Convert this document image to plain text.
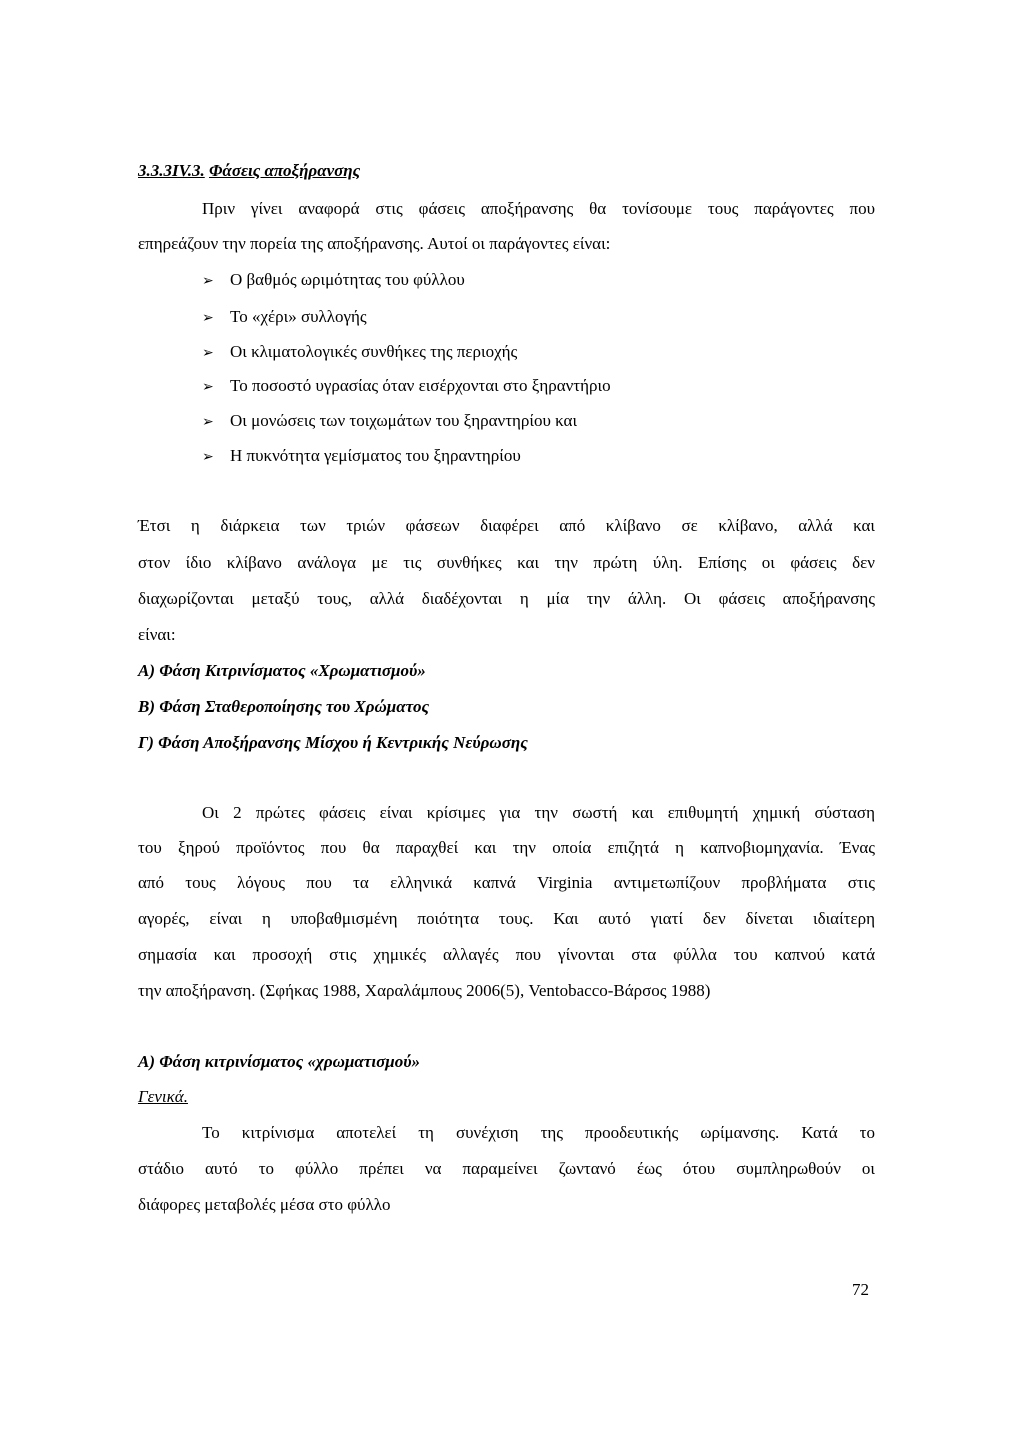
3.3.3IV.3. Φάσεις αποξήρανσης
Πριν γίνει αναφορά στις φάσεις αποξήρανσης θα τονίσουμε τους παράγοντες που
επηρεάζουν την πορεία της αποξήρανσης. Αυτοί οι παράγοντες είναι:
➢ Ο βαθμός ωριμότητας του φύλλου
➢ Το «χέρι» συλλογής
➢ Οι κλιματολογικές συνθήκες της περιοχής
➢ Το ποσοστό υγρασίας όταν εισέρχονται στο ξηραντήριο
➢ Οι μονώσεις των τοιχωμάτων του ξηραντηρίου και
➢ Η πυκνότητα γεμίσματος του ξηραντηρίου
Έτσι η διάρκεια των τριών φάσεων διαφέρει από κλίβανο σε κλίβανο, αλλά και
στον ίδιο κλίβανο ανάλογα με τις συνθήκες και την πρώτη ύλη. Επίσης οι φάσεις δεν
διαχωρίζονται μεταξύ τους, αλλά διαδέχονται η μία την άλλη. Οι φάσεις αποξήρανσης
είναι:
Α) Φάση Κιτρινίσματος «Χρωματισμού»
Β) Φάση Σταθεροποίησης του Χρώματος
Γ) Φάση Αποξήρανσης Μίσχου ή Κεντρικής Νεύρωσης
Οι 2 πρώτες φάσεις είναι κρίσιμες για την σωστή και επιθυμητή χημική σύσταση
του ξηρού προϊόντος που θα παραχθεί και την οποία επιζητά η καπνοβιομηχανία. Ένας
από τους λόγους που τα ελληνικά καπνά Virginia αντιμετωπίζουν προβλήματα στις
αγορές, είναι η υποβαθμισμένη ποιότητα τους. Και αυτό γιατί δεν δίνεται ιδιαίτερη
σημασία και προσοχή στις χημικές αλλαγές που γίνονται στα φύλλα του καπνού κατά
την αποξήρανση. (Σφήκας 1988, Χαραλάμπους 2006(5), Ventobacco-Βάρσος 1988)
Α) Φάση κιτρινίσματος «χρωματισμού»
Γενικά.
Το κιτρίνισμα αποτελεί τη συνέχιση της προοδευτικής ωρίμανσης. Κατά το
στάδιο αυτό το φύλλο πρέπει να παραμείνει ζωντανό έως ότου συμπληρωθούν οι
διάφορες μεταβολές μέσα στο φύλλο
72
